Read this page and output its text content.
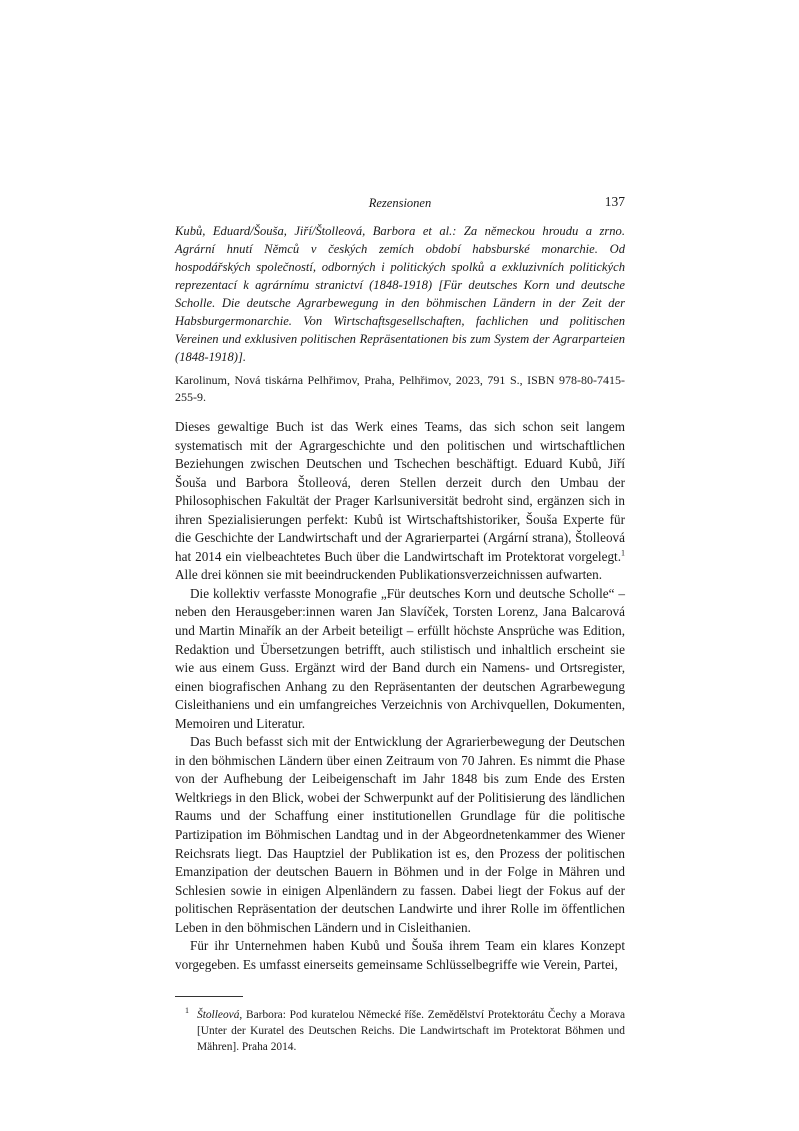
Rezensionen	137
Kubů, Eduard/Šouša, Jiří/Štolleová, Barbora et al.: Za německou hroudu a zrno. Agrární hnutí Němců v českých zemích období habsburské monarchie. Od hospodářských společností, odborných i politických spolků a exkluzivních politických reprezentací k agrárnímu stranictví (1848-1918) [Für deutsches Korn und deutsche Scholle. Die deutsche Agrarbewegung in den böhmischen Ländern in der Zeit der Habsburgermonarchie. Von Wirtschaftsgesellschaften, fachlichen und politischen Vereinen und exklusiven politischen Repräsentationen bis zum System der Agrarparteien (1848-1918)].
Karolinum, Nová tiskárna Pelhřimov, Praha, Pelhřimov, 2023, 791 S., ISBN 978-80-7415-255-9.

Dieses gewaltige Buch ist das Werk eines Teams, das sich schon seit langem systematisch mit der Agrargeschichte und den politischen und wirtschaftlichen Beziehungen zwischen Deutschen und Tschechen beschäftigt. Eduard Kubů, Jiří Šouša und Barbora Štolleová, deren Stellen derzeit durch den Umbau der Philosophischen Fakultät der Prager Karlsuniversität bedroht sind, ergänzen sich in ihren Spezialisierungen perfekt: Kubů ist Wirtschaftshistoriker, Šouša Experte für die Geschichte der Landwirtschaft und der Agrarierpartei (Argární strana), Štolleová hat 2014 ein vielbeachtetes Buch über die Landwirtschaft im Protektorat vorgelegt.$^1$ Alle drei können sie mit beeindruckenden Publikationsverzeichnissen aufwarten.

Die kollektiv verfasste Monografie „Für deutsches Korn und deutsche Scholle“ – neben den Herausgeber:innen waren Jan Slavíček, Torsten Lorenz, Jana Balcarová und Martin Minařík an der Arbeit beteiligt – erfüllt höchste Ansprüche was Edition, Redaktion und Übersetzungen betrifft, auch stilistisch und inhaltlich erscheint sie wie aus einem Guss. Ergänzt wird der Band durch ein Namens- und Ortsregister, einen biografischen Anhang zu den Repräsentanten der deutschen Agrarbewegung Cisleithaniens und ein umfangreiches Verzeichnis von Archivquellen, Dokumenten, Memoiren und Literatur.

Das Buch befasst sich mit der Entwicklung der Agrarierbewegung der Deutschen in den böhmischen Ländern über einen Zeitraum von 70 Jahren. Es nimmt die Phase von der Aufhebung der Leibeigenschaft im Jahr 1848 bis zum Ende des Ersten Weltkriegs in den Blick, wobei der Schwerpunkt auf der Politisierung des ländlichen Raums und der Schaffung einer institutionellen Grundlage für die politische Partizipation im Böhmischen Landtag und in der Abgeordnetenkammer des Wiener Reichsrats liegt. Das Hauptziel der Publikation ist es, den Prozess der politischen Emanzipation der deutschen Bauern in Böhmen und in der Folge in Mähren und Schlesien sowie in einigen Alpenländern zu fassen. Dabei liegt der Fokus auf der politischen Repräsentation der deutschen Landwirte und ihrer Rolle im öffentlichen Leben in den böhmischen Ländern und in Cisleithanien.

Für ihr Unternehmen haben Kubů und Šouša ihrem Team ein klares Konzept vorgegeben. Es umfasst einerseits gemeinsame Schlüsselbegriffe wie Verein, Partei,

1 Štolleová, Barbora: Pod kuratelou Německé říše. Zemědělství Protektorátu Čechy a Morava [Unter der Kuratel des Deutschen Reichs. Die Landwirtschaft im Protektorat Böhmen und Mähren]. Praha 2014.
